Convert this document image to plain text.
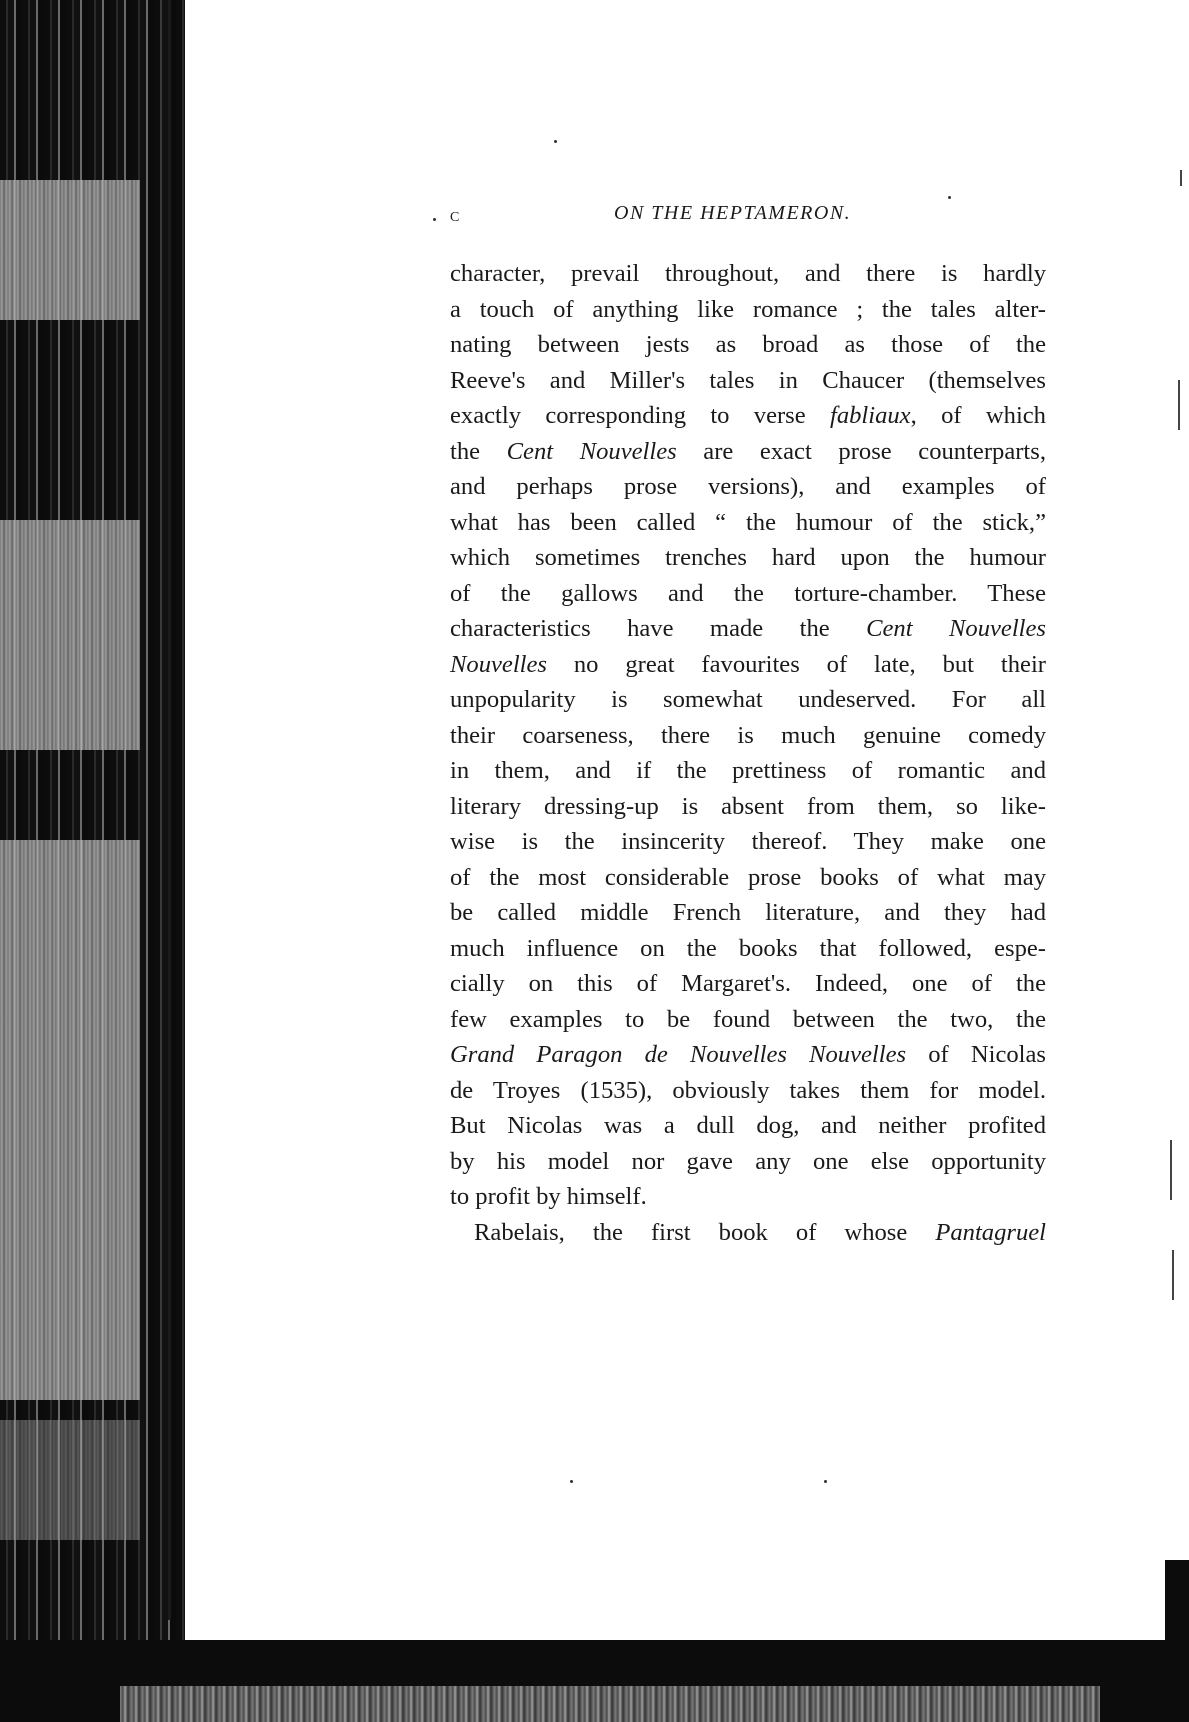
c	ON THE HEPTAMERON.
character, prevail throughout, and there is hardly
a touch of anything like romance ; the tales alter-
nating between jests as broad as those of the
Reeve's and Miller's tales in Chaucer (themselves
exactly corresponding to verse fabliaux, of which
the Cent Nouvelles are exact prose counterparts,
and perhaps prose versions), and examples of
what has been called “ the humour of the stick,”
which sometimes trenches hard upon the humour
of the gallows and the torture-chamber. These
characteristics have made the Cent Nouvelles
Nouvelles no great favourites of late, but their
unpopularity is somewhat undeserved. For all
their coarseness, there is much genuine comedy
in them, and if the prettiness of romantic and
literary dressing-up is absent from them, so like-
wise is the insincerity thereof. They make one
of the most considerable prose books of what may
be called middle French literature, and they had
much influence on the books that followed, espe-
cially on this of Margaret's. Indeed, one of the
few examples to be found between the two, the
Grand Paragon de Nouvelles Nouvelles of Nicolas
de Troyes (1535), obviously takes them for model.
But Nicolas was a dull dog, and neither profited
by his model nor gave any one else opportunity
to profit by himself.
Rabelais, the first book of whose Pantagruel
